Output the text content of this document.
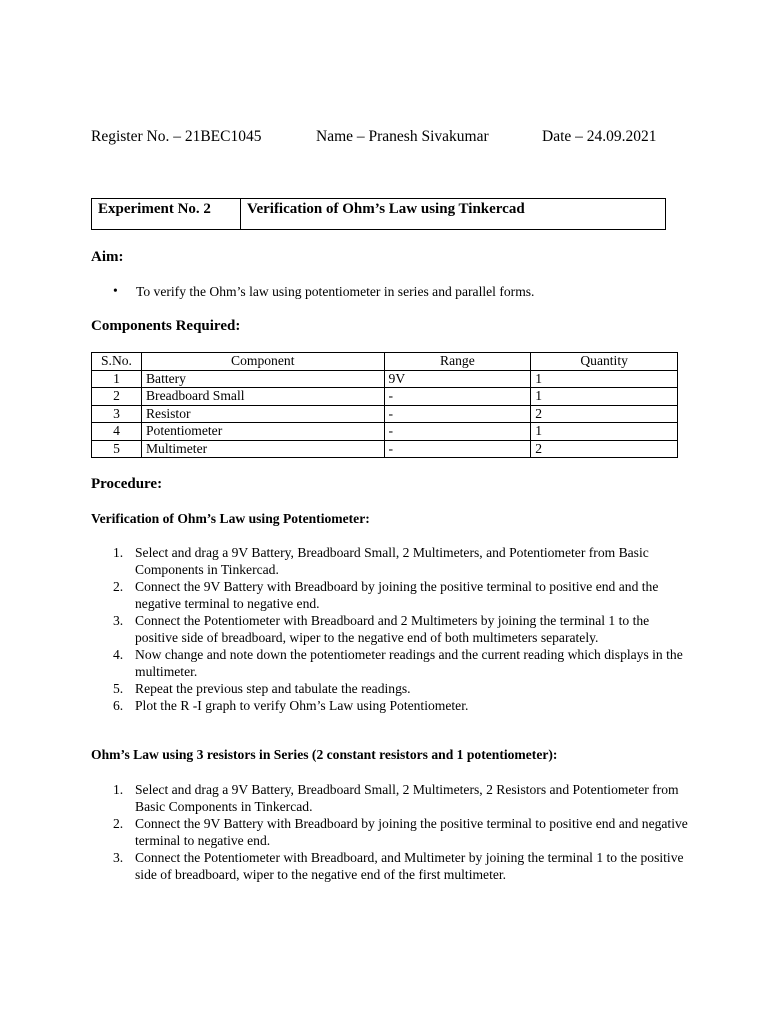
Register No. – 21BEC1045	Name – Pranesh Sivakumar	Date – 24.09.2021
Experiment No. 2	Verification of Ohm’s Law using Tinkercad
Aim:
• To verify the Ohm’s law using potentiometer in series and parallel forms.
Components Required:
S.No.	Component	Range	Quantity
1	Battery	9V	1
2	Breadboard Small	-	1
3	Resistor	-	2
4	Potentiometer	-	1
5	Multimeter	-	2
Procedure:
Verification of Ohm’s Law using Potentiometer:
1. Select and drag a 9V Battery, Breadboard Small, 2 Multimeters, and Potentiometer from Basic Components in Tinkercad.
2. Connect the 9V Battery with Breadboard by joining the positive terminal to positive end and the negative terminal to negative end.
3. Connect the Potentiometer with Breadboard and 2 Multimeters by joining the terminal 1 to the positive side of breadboard, wiper to the negative end of both multimeters separately.
4. Now change and note down the potentiometer readings and the current reading which displays in the multimeter.
5. Repeat the previous step and tabulate the readings.
6. Plot the R -I graph to verify Ohm’s Law using Potentiometer.
Ohm’s Law using 3 resistors in Series (2 constant resistors and 1 potentiometer):
1. Select and drag a 9V Battery, Breadboard Small, 2 Multimeters, 2 Resistors and Potentiometer from Basic Components in Tinkercad.
2. Connect the 9V Battery with Breadboard by joining the positive terminal to positive end and negative terminal to negative end.
3. Connect the Potentiometer with Breadboard, and Multimeter by joining the terminal 1 to the positive side of breadboard, wiper to the negative end of the first multimeter.
